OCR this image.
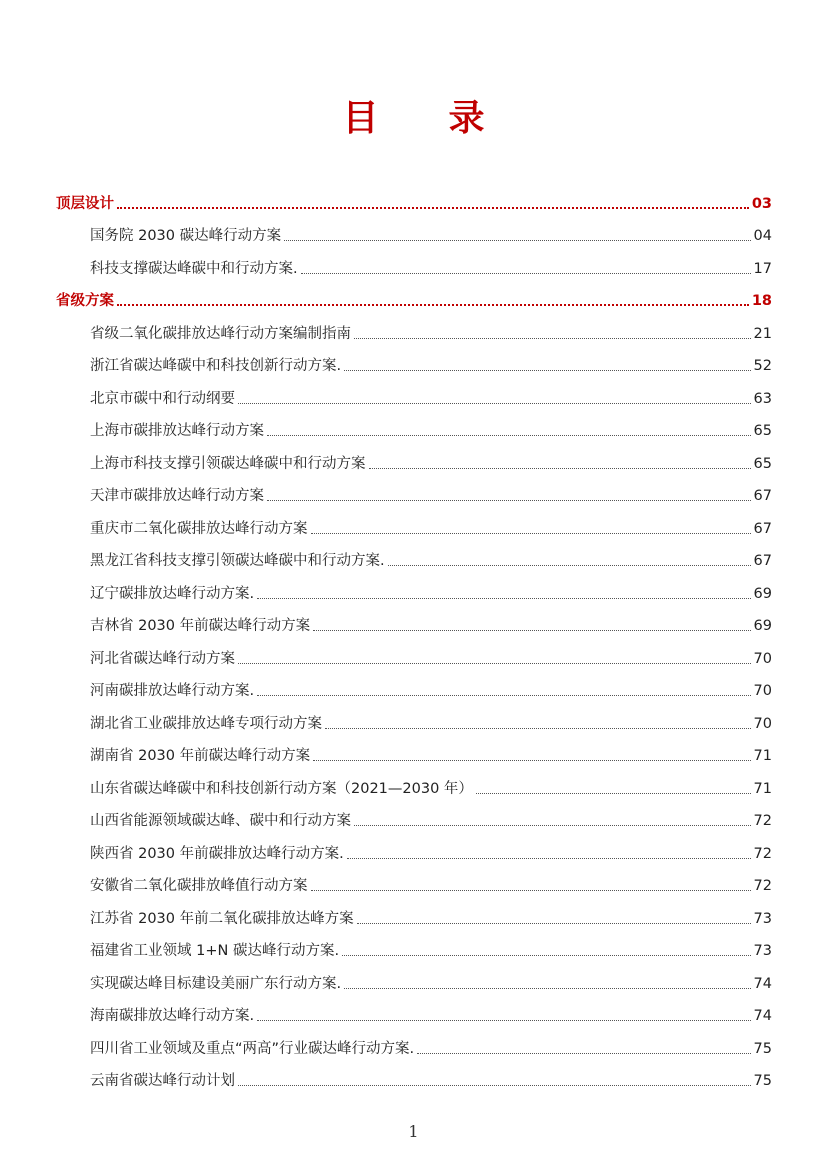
目 录
顶层设计	03
国务院 2030 碳达峰行动方案	04
科技支撑碳达峰碳中和行动方案.	17
省级方案	18
省级二氧化碳排放达峰行动方案编制指南	21
浙江省碳达峰碳中和科技创新行动方案.	52
北京市碳中和行动纲要	63
上海市碳排放达峰行动方案	65
上海市科技支撑引领碳达峰碳中和行动方案	65
天津市碳排放达峰行动方案	67
重庆市二氧化碳排放达峰行动方案	67
黑龙江省科技支撑引领碳达峰碳中和行动方案.	67
辽宁碳排放达峰行动方案.	69
吉林省 2030 年前碳达峰行动方案	69
河北省碳达峰行动方案	70
河南碳排放达峰行动方案.	70
湖北省工业碳排放达峰专项行动方案	70
湖南省 2030 年前碳达峰行动方案	71
山东省碳达峰碳中和科技创新行动方案（2021—2030 年）	71
山西省能源领域碳达峰、碳中和行动方案	72
陕西省 2030 年前碳排放达峰行动方案.	72
安徽省二氧化碳排放峰值行动方案	72
江苏省 2030 年前二氧化碳排放达峰方案	73
福建省工业领域 1+N 碳达峰行动方案.	73
实现碳达峰目标建设美丽广东行动方案.	74
海南碳排放达峰行动方案.	74
四川省工业领域及重点“两高”行业碳达峰行动方案.	75
云南省碳达峰行动计划	75
1
